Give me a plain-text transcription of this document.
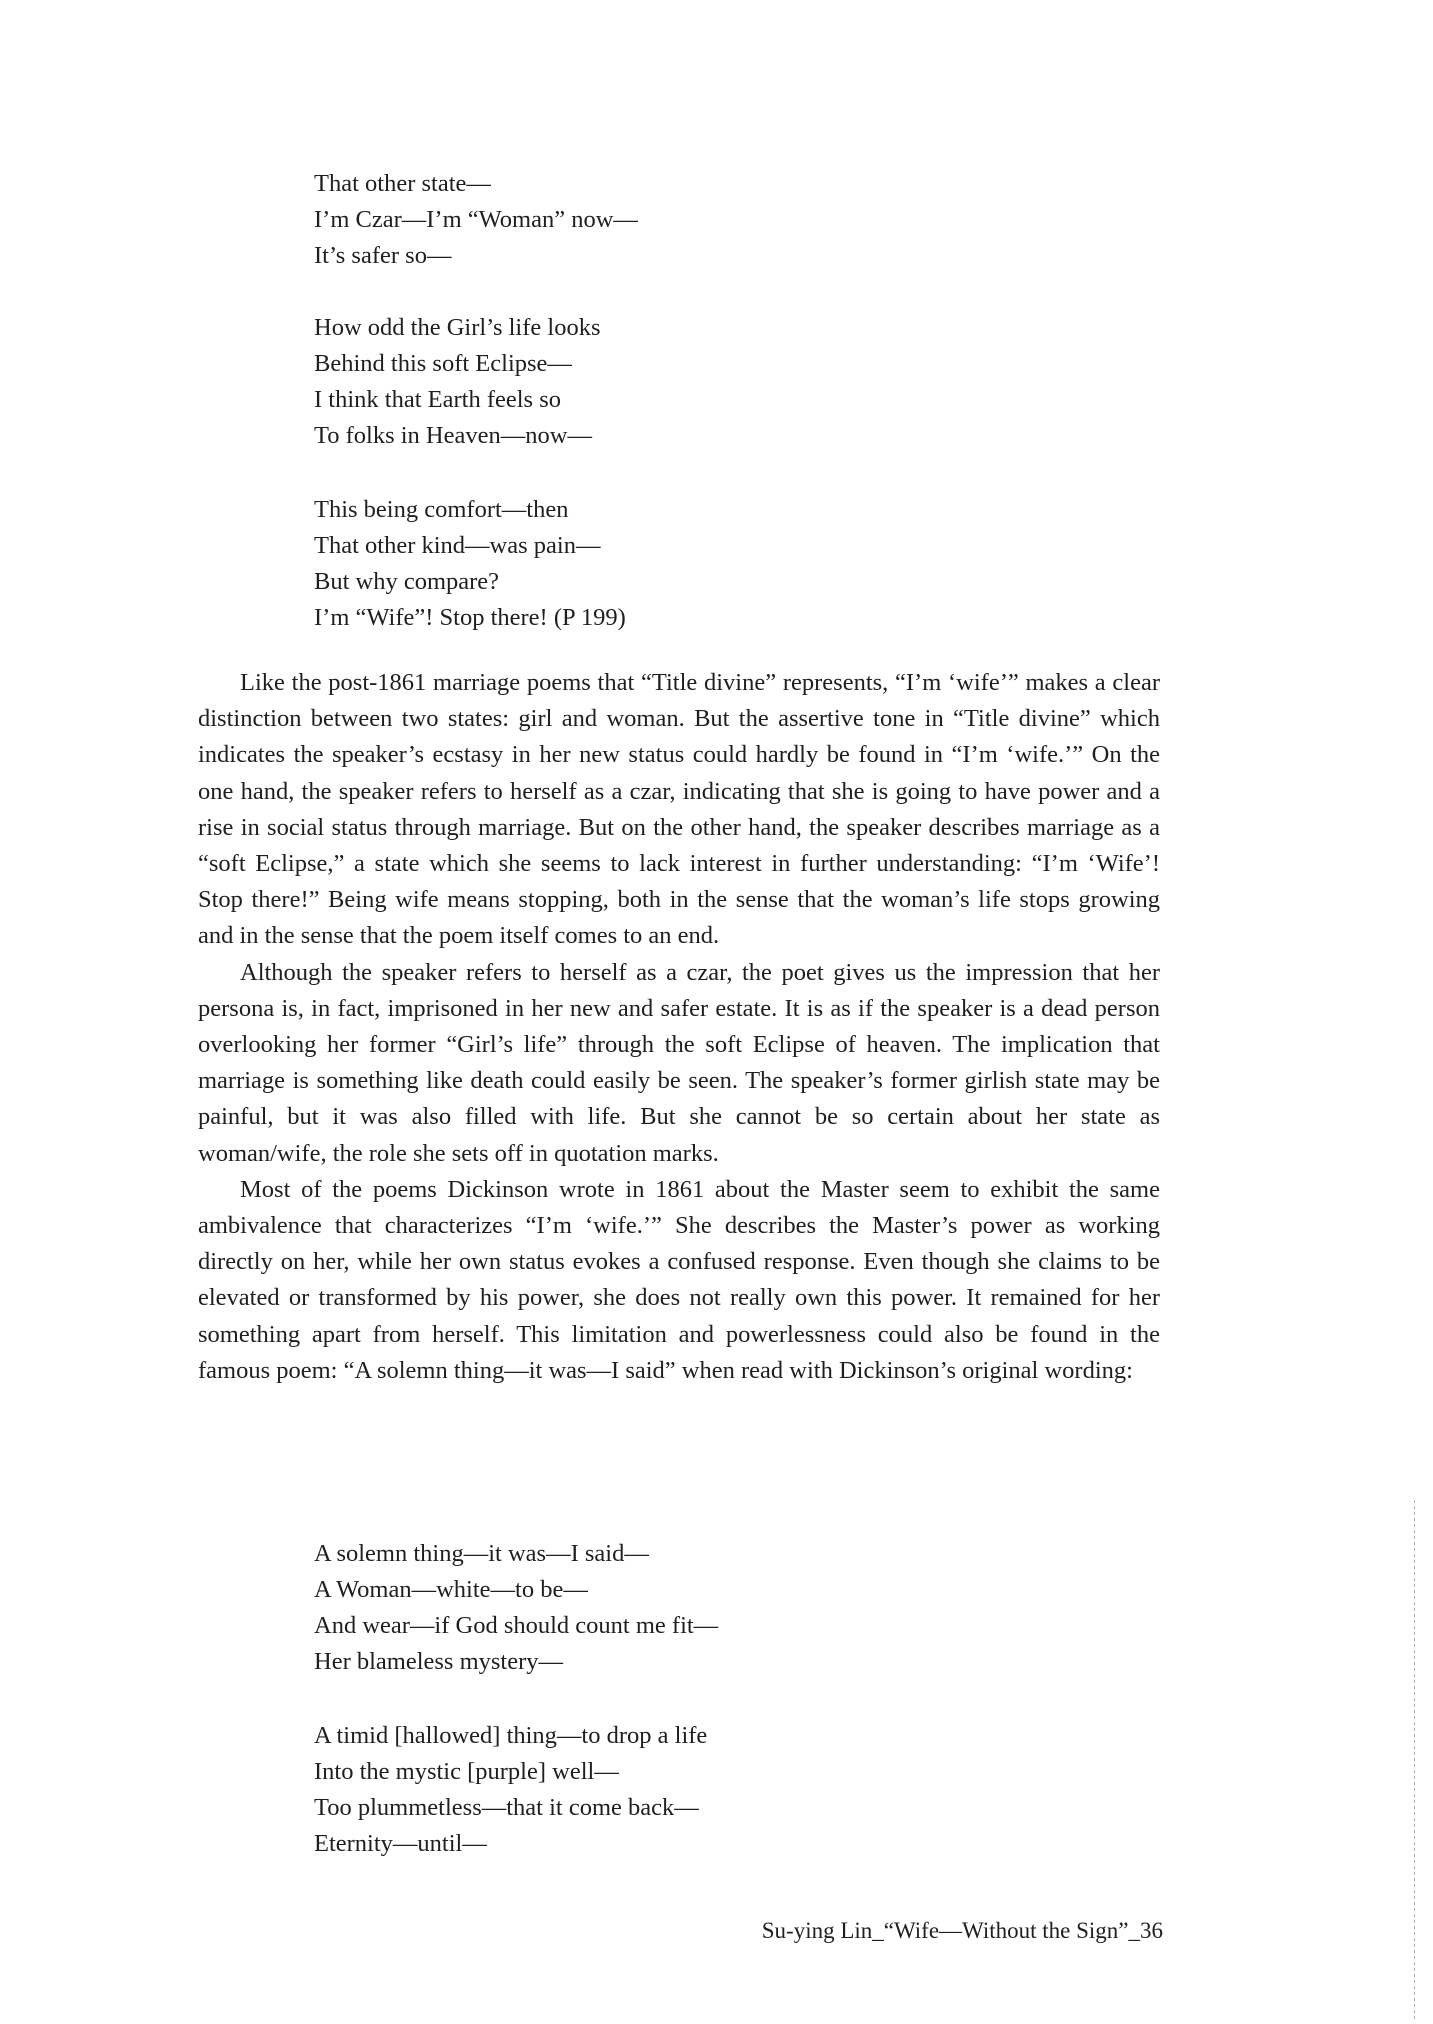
That other state—
I’m Czar—I’m “Woman” now—
It’s safer so—
How odd the Girl’s life looks
Behind this soft Eclipse—
I think that Earth feels so
To folks in Heaven—now—
This being comfort—then
That other kind—was pain—
But why compare?
I’m “Wife”! Stop there! (P 199)

Like the post-1861 marriage poems that “Title divine” represents, “I’m ‘wife’” makes a clear distinction between two states: girl and woman. But the assertive tone in “Title divine” which indicates the speaker’s ecstasy in her new status could hardly be found in “I’m ‘wife.’” On the one hand, the speaker refers to herself as a czar, indicating that she is going to have power and a rise in social status through marriage. But on the other hand, the speaker describes marriage as a “soft Eclipse,” a state which she seems to lack interest in further understanding: “I’m ‘Wife’! Stop there!” Being wife means stopping, both in the sense that the woman’s life stops growing and in the sense that the poem itself comes to an end.

Although the speaker refers to herself as a czar, the poet gives us the impression that her persona is, in fact, imprisoned in her new and safer estate. It is as if the speaker is a dead person overlooking her former “Girl’s life” through the soft Eclipse of heaven. The implication that marriage is something like death could easily be seen. The speaker’s former girlish state may be painful, but it was also filled with life. But she cannot be so certain about her state as woman/wife, the role she sets off in quotation marks.

Most of the poems Dickinson wrote in 1861 about the Master seem to exhibit the same ambivalence that characterizes “I’m ‘wife.’” She describes the Master’s power as working directly on her, while her own status evokes a confused response. Even though she claims to be elevated or transformed by his power, she does not really own this power. It remained for her something apart from herself. This limitation and powerlessness could also be found in the famous poem: “A solemn thing—it was—I said” when read with Dickinson’s original wording:

A solemn thing—it was—I said—
A Woman—white—to be—
And wear—if God should count me fit—
Her blameless mystery—
A timid [hallowed] thing—to drop a life
Into the mystic [purple] well—
Too plummetless—that it come back—
Eternity—until—
Su-ying Lin_“Wife—Without the Sign”_36
